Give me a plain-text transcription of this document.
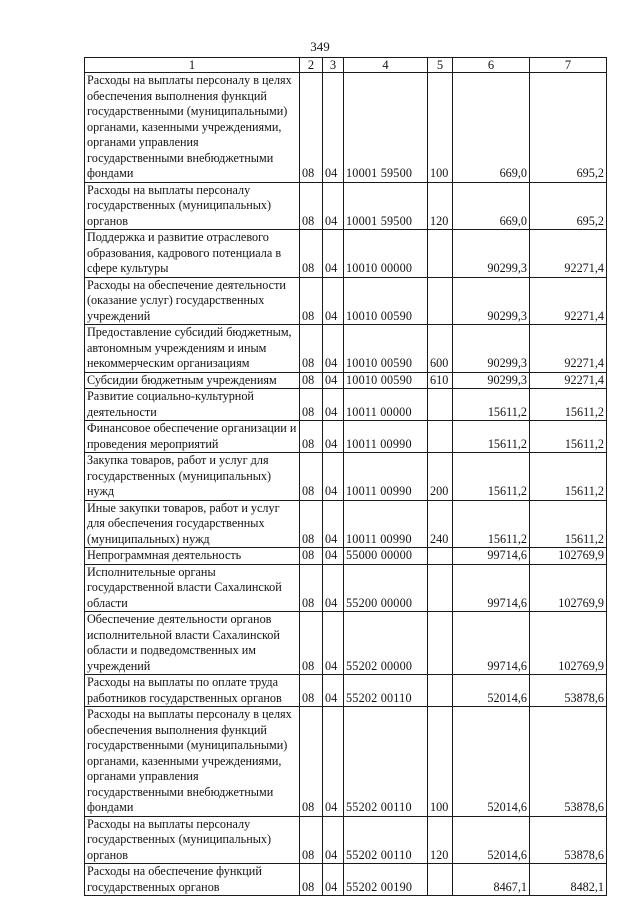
349
1	2	3	4	5	6	7
Расходы на выплаты персоналу в целях обеспечения выполнения функций государственными (муниципальными) органами, казенными учреждениями, органами управления государственными внебюджетными фондами	08	04	10001 59500	100	669,0	695,2
Расходы на выплаты персоналу государственных (муниципальных) органов	08	04	10001 59500	120	669,0	695,2
Поддержка и развитие отраслевого образования, кадрового потенциала в сфере культуры	08	04	10010 00000		90299,3	92271,4
Расходы на обеспечение деятельности (оказание услуг) государственных учреждений	08	04	10010 00590		90299,3	92271,4
Предоставление субсидий бюджетным, автономным учреждениям и иным некоммерческим организациям	08	04	10010 00590	600	90299,3	92271,4
Субсидии бюджетным учреждениям	08	04	10010 00590	610	90299,3	92271,4
Развитие социально-культурной деятельности	08	04	10011 00000		15611,2	15611,2
Финансовое обеспечение организации и проведения мероприятий	08	04	10011 00990		15611,2	15611,2
Закупка товаров, работ и услуг для государственных (муниципальных) нужд	08	04	10011 00990	200	15611,2	15611,2
Иные закупки товаров, работ и услуг для обеспечения государственных (муниципальных) нужд	08	04	10011 00990	240	15611,2	15611,2
Непрограммная деятельность	08	04	55000 00000		99714,6	102769,9
Исполнительные органы государственной власти Сахалинской области	08	04	55200 00000		99714,6	102769,9
Обеспечение деятельности органов исполнительной власти Сахалинской области и подведомственных им учреждений	08	04	55202 00000		99714,6	102769,9
Расходы на выплаты по оплате труда работников государственных органов	08	04	55202 00110		52014,6	53878,6
Расходы на выплаты персоналу в целях обеспечения выполнения функций государственными (муниципальными) органами, казенными учреждениями, органами управления государственными внебюджетными фондами	08	04	55202 00110	100	52014,6	53878,6
Расходы на выплаты персоналу государственных (муниципальных) органов	08	04	55202 00110	120	52014,6	53878,6
Расходы на обеспечение функций государственных органов	08	04	55202 00190		8467,1	8482,1
